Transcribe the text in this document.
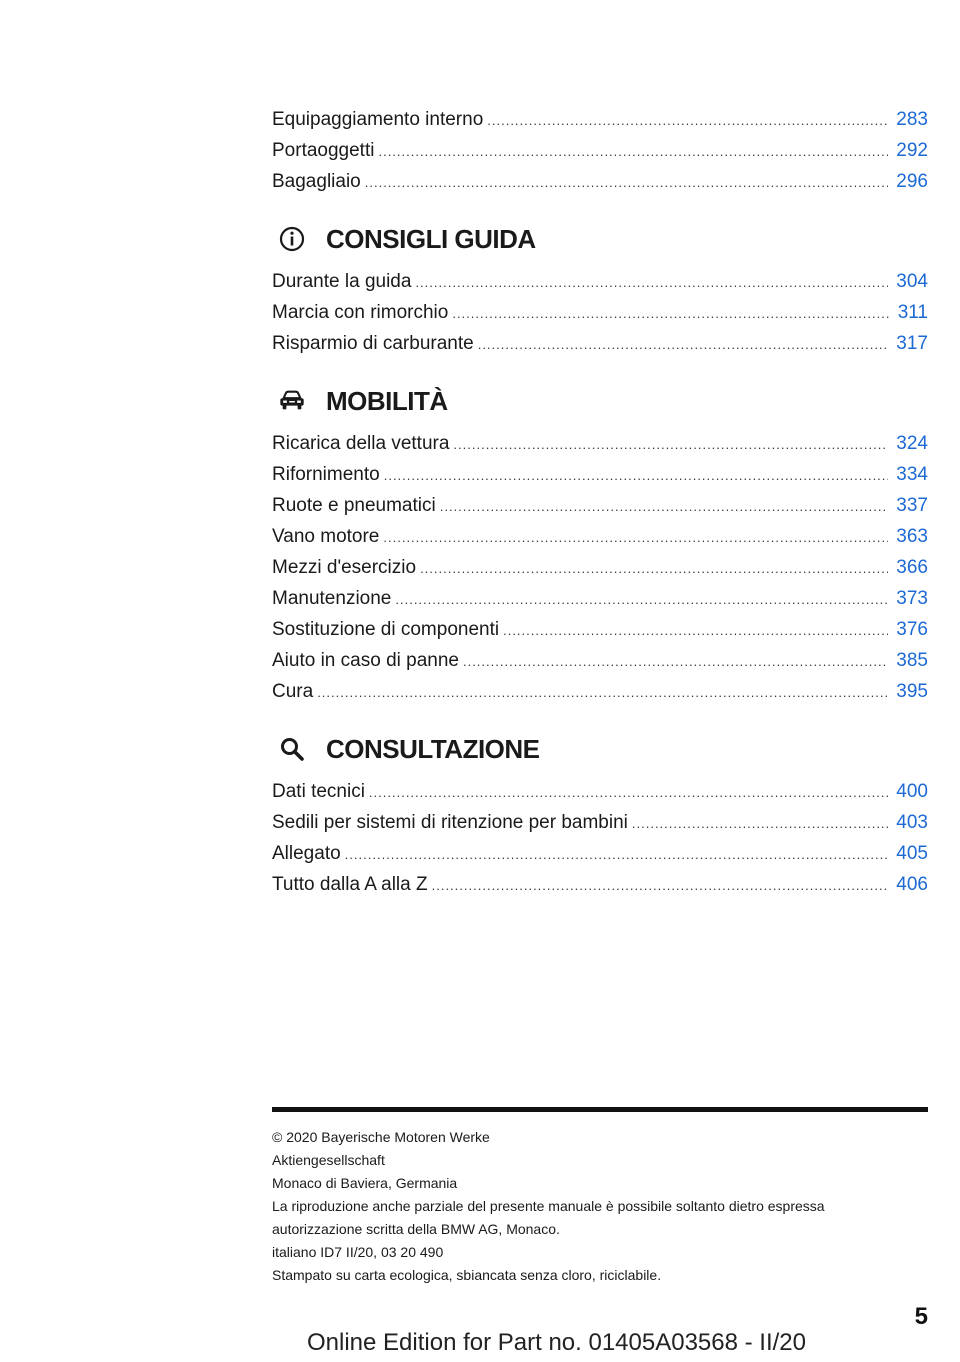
Equipaggiamento interno .....	283
Portaoggetti .....	292
Bagagliaio .....	296
CONSIGLI GUIDA
Durante la guida .....	304
Marcia con rimorchio .....	311
Risparmio di carburante .....	317
MOBILITÀ
Ricarica della vettura .....	324
Rifornimento .....	334
Ruote e pneumatici .....	337
Vano motore .....	363
Mezzi d'esercizio .....	366
Manutenzione .....	373
Sostituzione di componenti .....	376
Aiuto in caso di panne .....	385
Cura .....	395
CONSULTAZIONE
Dati tecnici .....	400
Sedili per sistemi di ritenzione per bambini .....	403
Allegato .....	405
Tutto dalla A alla Z .....	406
© 2020 Bayerische Motoren Werke
Aktiengesellschaft
Monaco di Baviera, Germania
La riproduzione anche parziale del presente manuale è possibile soltanto dietro espressa
autorizzazione scritta della BMW AG, Monaco.
italiano ID7 II/20, 03 20 490
Stampato su carta ecologica, sbiancata senza cloro, riciclabile.
5
Online Edition for Part no. 01405A03568 - II/20
